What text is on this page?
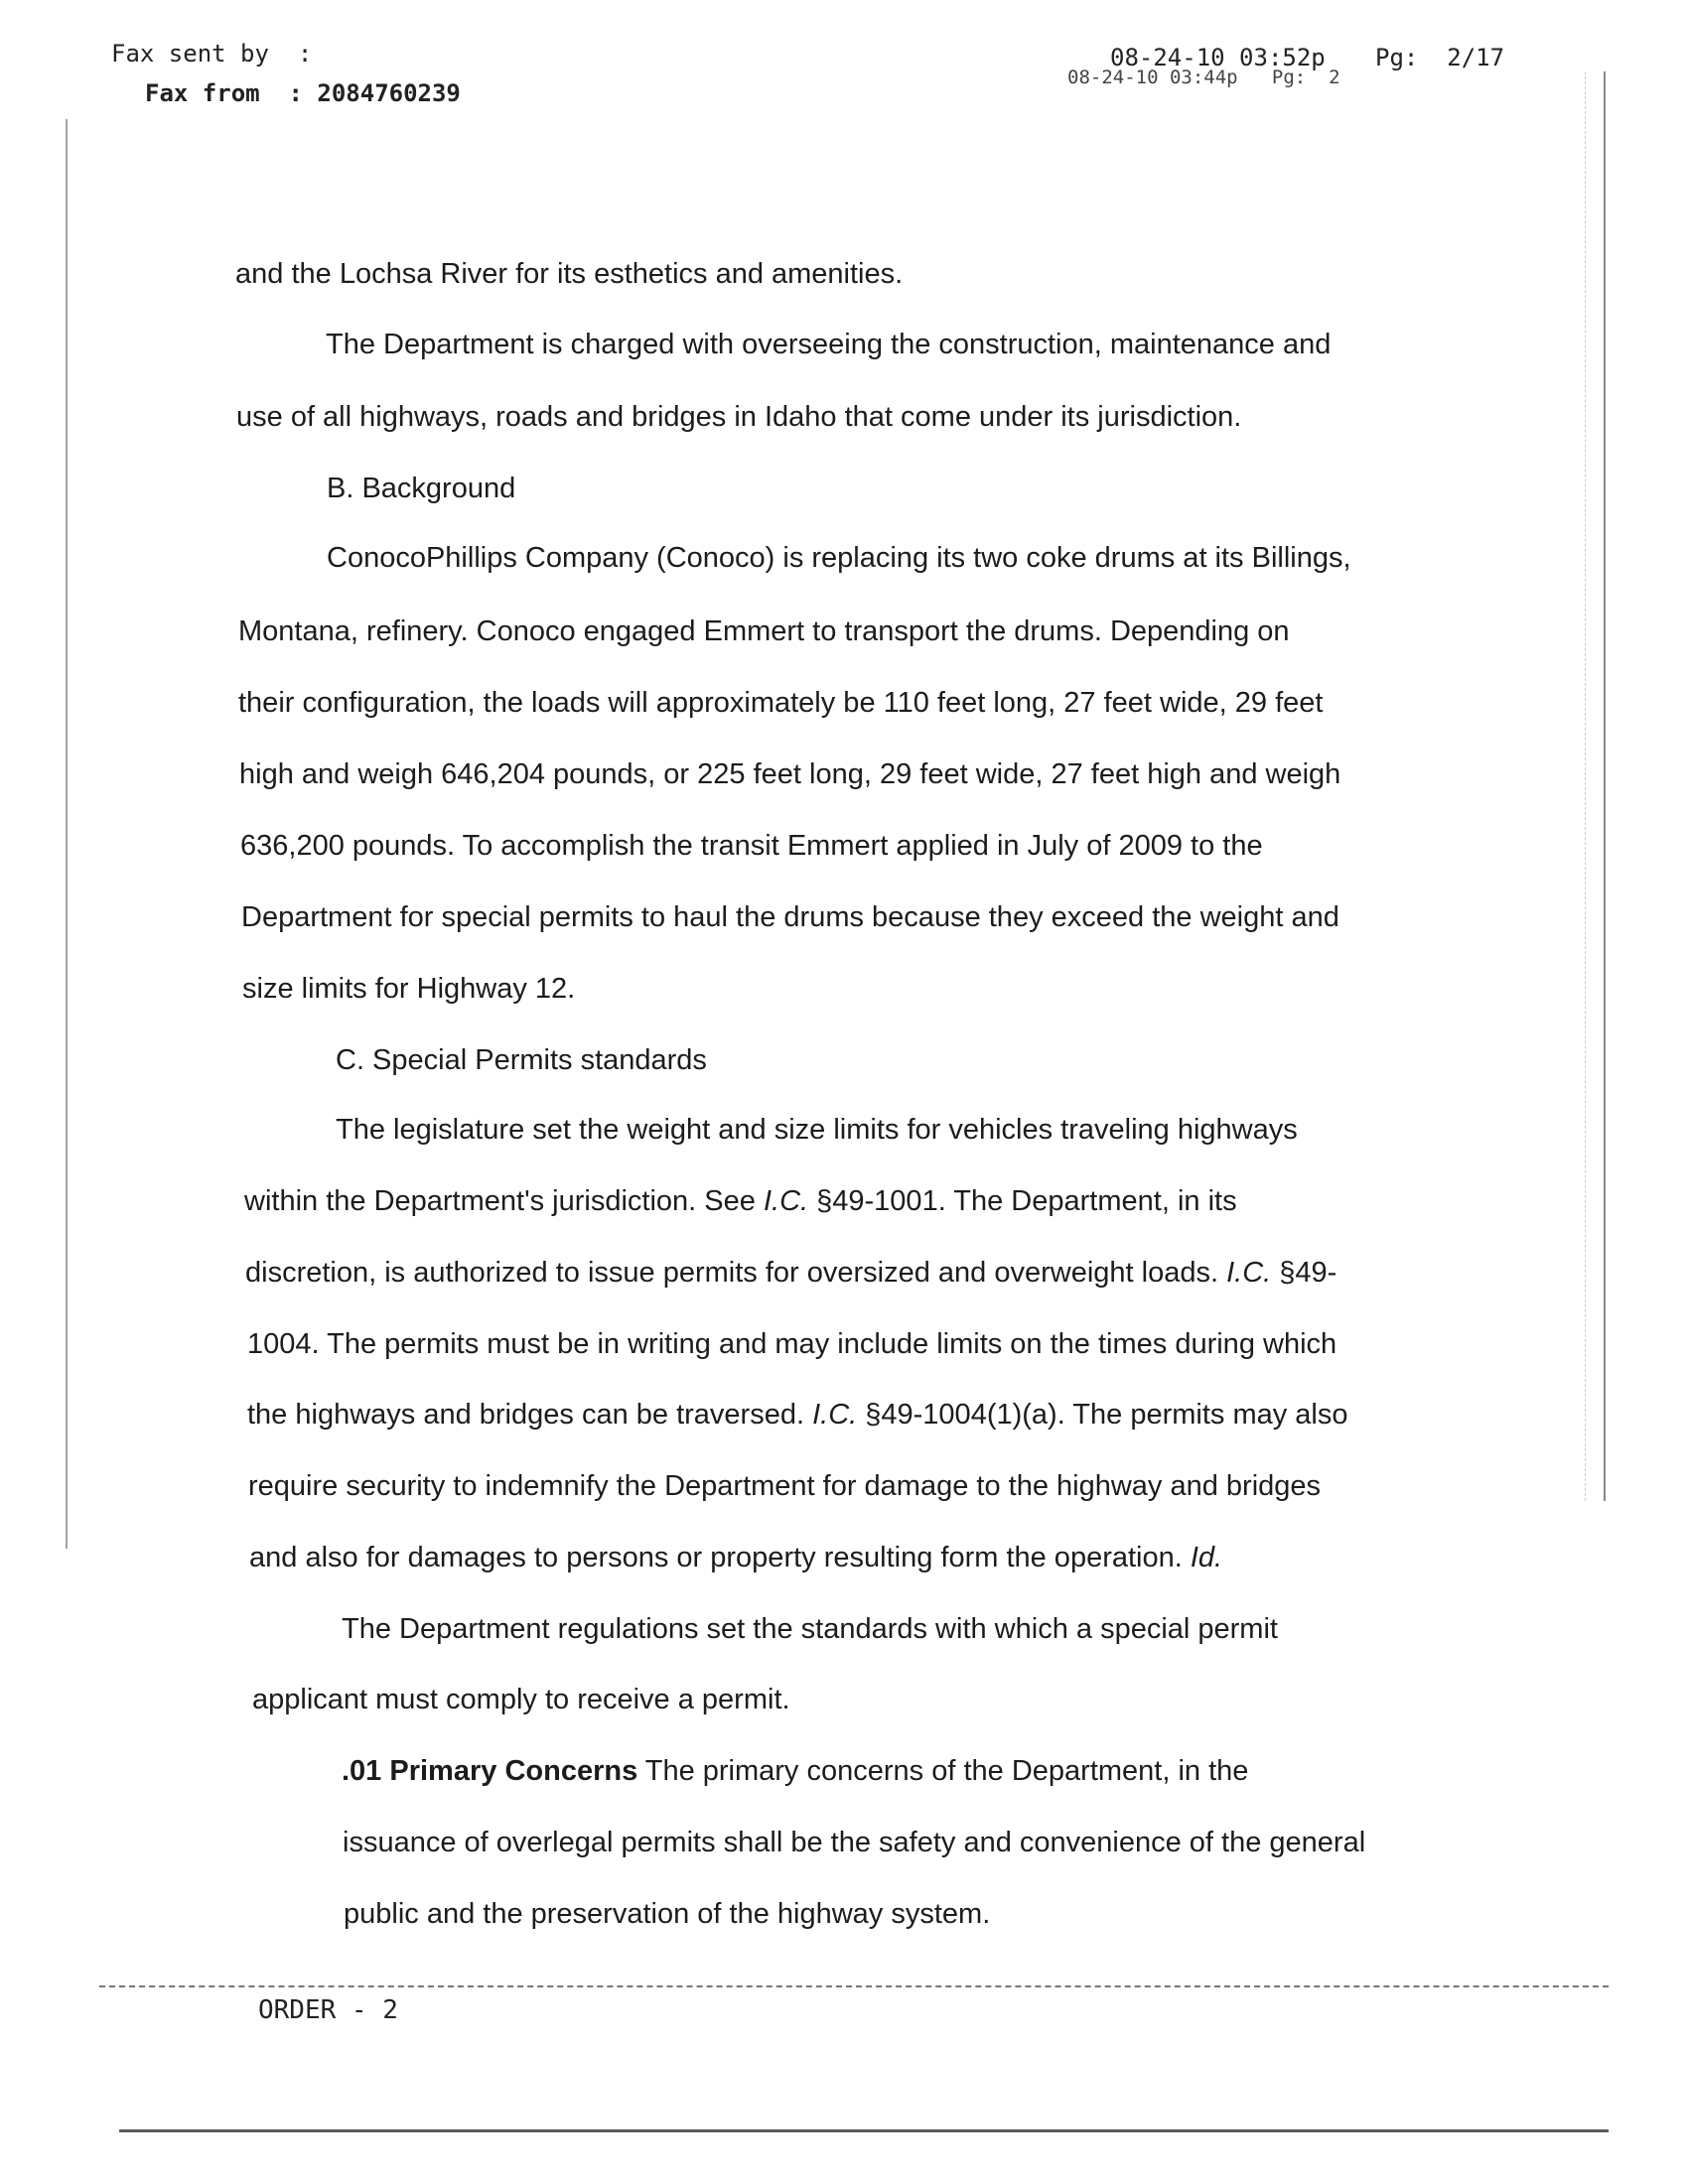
Fax sent by  :
Fax from  : 2084760239
08-24-10 03:52p
08-24-10 03:44p   Pg:  2
Pg:  2/17
and the Lochsa River for its esthetics and amenities.
The Department is charged with overseeing the construction, maintenance and
use of all highways, roads and bridges in Idaho that come under its jurisdiction.
B. Background
ConocoPhillips Company (Conoco) is replacing its two coke drums at its Billings,
Montana, refinery. Conoco engaged Emmert to transport the drums. Depending on
their configuration, the loads will approximately be 110 feet long, 27 feet wide, 29 feet
high and weigh 646,204 pounds, or 225 feet long, 29 feet wide, 27 feet high and weigh
636,200 pounds. To accomplish the transit Emmert applied in July of 2009 to the
Department for special permits to haul the drums because they exceed the weight and
size limits for Highway 12.
C. Special Permits standards
The legislature set the weight and size limits for vehicles traveling highways
within the Department's jurisdiction. See I.C. §49-1001. The Department, in its
discretion, is authorized to issue permits for oversized and overweight loads. I.C. §49-
1004. The permits must be in writing and may include limits on the times during which
the highways and bridges can be traversed. I.C. §49-1004(1)(a). The permits may also
require security to indemnify the Department for damage to the highway and bridges
and also for damages to persons or property resulting form the operation. Id.
The Department regulations set the standards with which a special permit
applicant must comply to receive a permit.
.01 Primary Concerns The primary concerns of the Department, in the
issuance of overlegal permits shall be the safety and convenience of the general
public and the preservation of the highway system.
ORDER - 2
